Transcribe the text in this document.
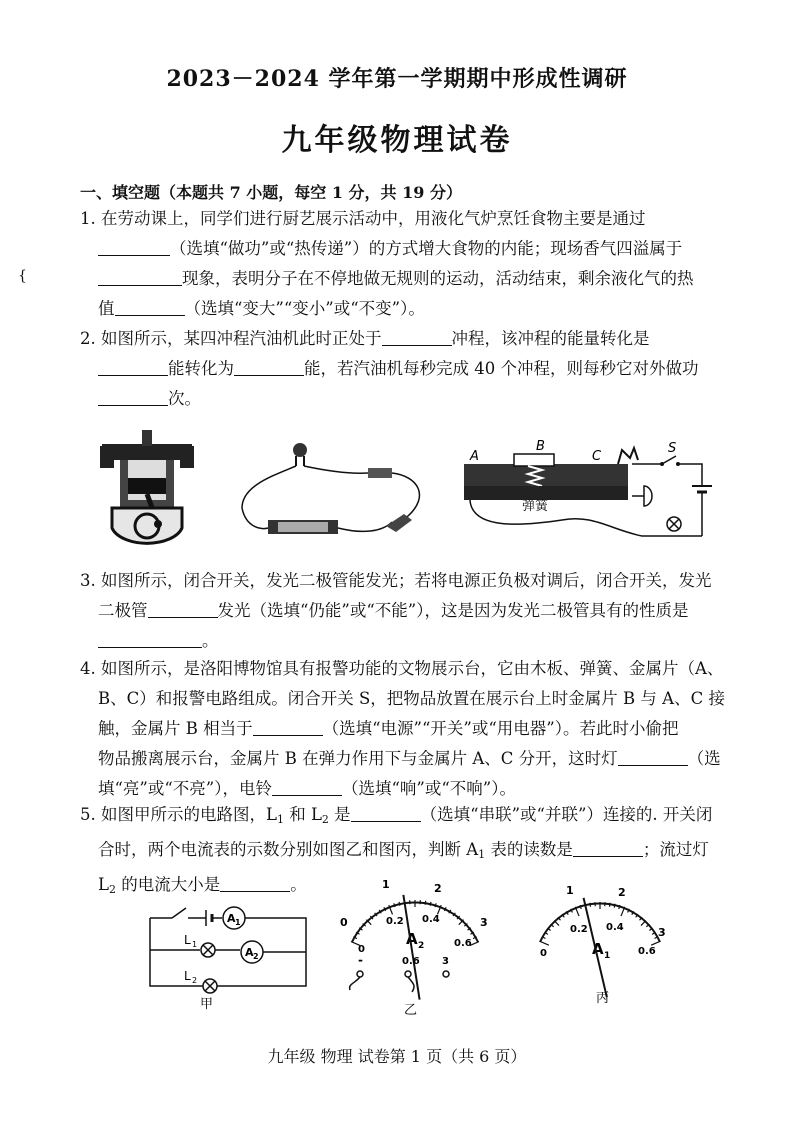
{
2023－2024 学年第一学期期中形成性调研
九年级物理试卷
一、填空题（本题共 7 小题，每空 1 分，共 19 分）
1. 在劳动课上，同学们进行厨艺展示活动中，用液化气炉烹饪食物主要是通过
（选填“做功”或“热传递”）的方式增大食物的内能；现场香气四溢属于
现象，表明分子在不停地做无规则的运动，活动结束，剩余液化气的热
值	（选填“变大”“变小”或“不变”）。
2. 如图所示，某四冲程汽油机此时正处于	冲程，该冲程的能量转化是
能转化为	能，若汽油机每秒完成 40 个冲程，则每秒它对外做功
次。
弹簧
A
B
C
S
3. 如图所示，闭合开关，发光二极管能发光；若将电源正负极对调后，闭合开关，发光
二极管	发光（选填“仍能”或“不能”），这是因为发光二极管具有的性质是
。
4. 如图所示，是洛阳博物馆具有报警功能的文物展示台，它由木板、弹簧、金属片（A、
B、C）和报警电路组成。闭合开关 S，把物品放置在展示台上时金属片 B 与 A、C 接
触，金属片 B 相当于	（选填“电源”“开关”或“用电器”）。若此时小偷把
物品搬离展示台，金属片 B 在弹力作用下与金属片 A、C 分开，这时灯	（选
填“亮”或“不亮”），电铃	（选填“响”或“不响”）。
5. 如图甲所示的电路图，$L_1$ 和 $L_2$ 是	（选填“串联”或“并联”）连接的. 开关闭
合时，两个电流表的示数分别如图乙和图丙，判断 $A_1$ 表的读数是	；流过灯
$L_2$ 的电流大小是	。
A 1
L 1
A 2
L 2
甲
1	2
0	3
0
0.2 0.4
0.6
A 2
-	0.6 3
乙
1	2
3
0
0.2 0.4
0.6
A 1
丙
九年级 物理 试卷第 1 页（共 6 页）
